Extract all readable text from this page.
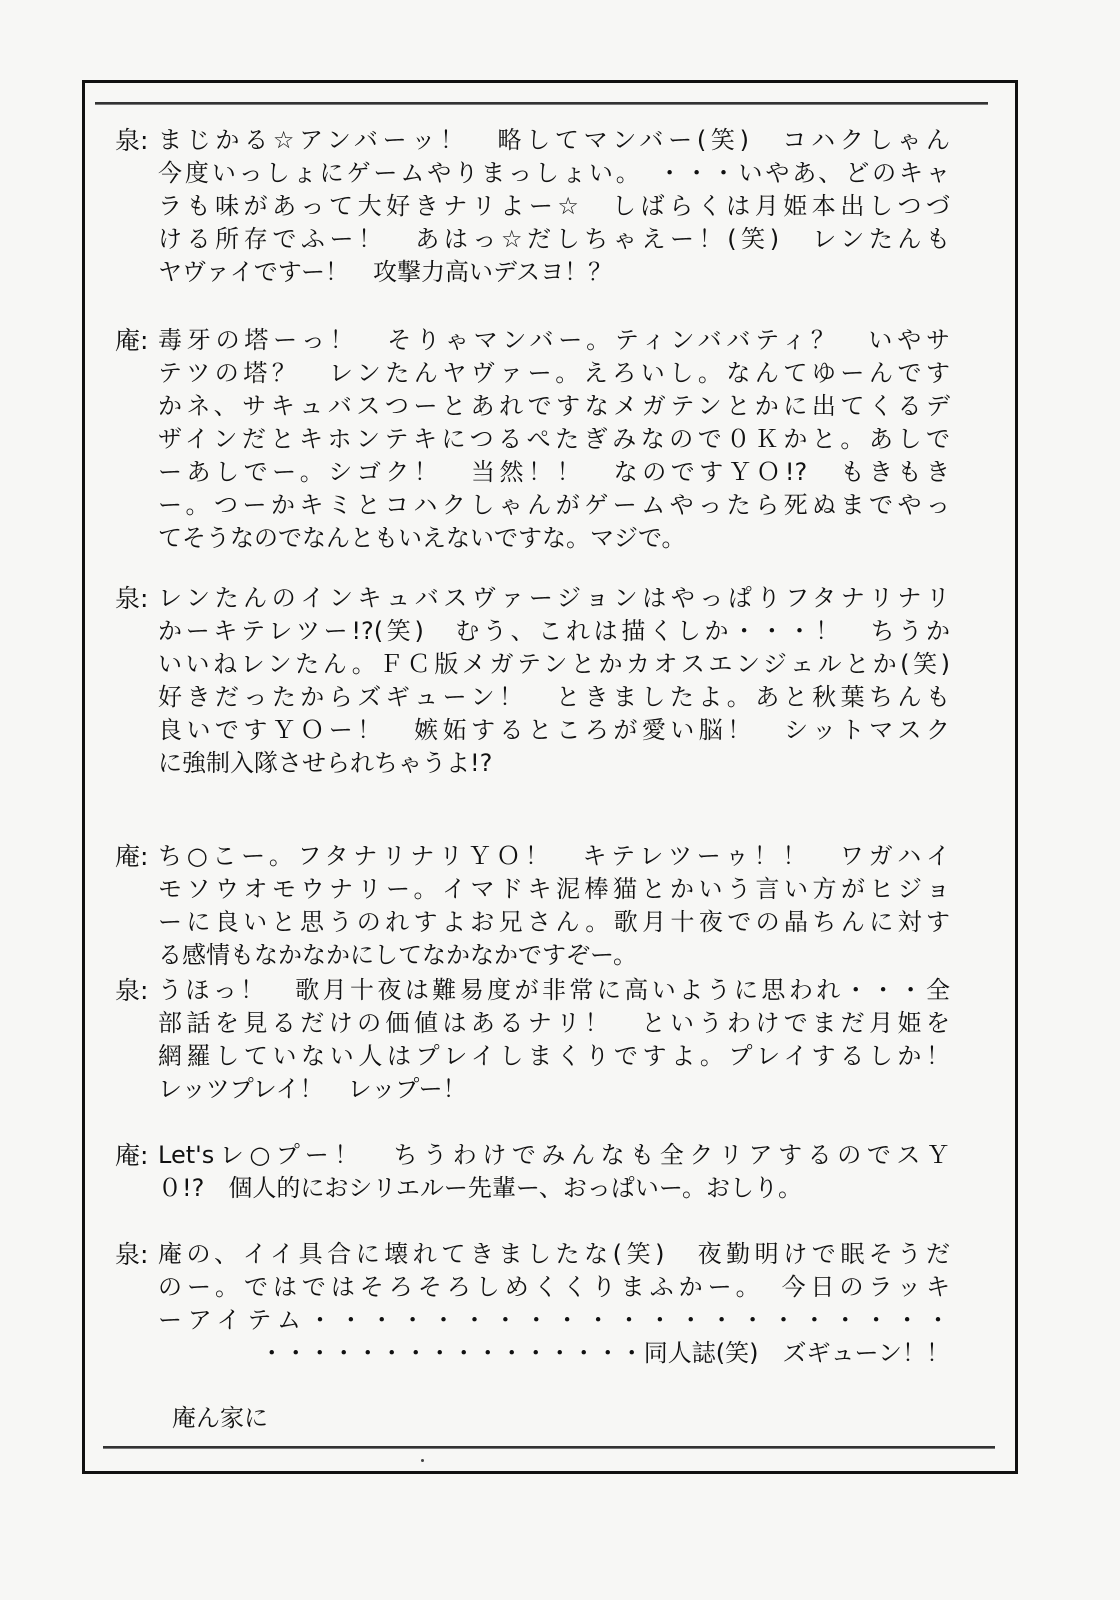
泉: まじかる☆アンバーッ！　略してマンバー(笑)　コハクしゃん
今度いっしょにゲームやりまっしょい。　・・・いやあ、どのキャ
ラも味があって大好きナリよー☆　しばらくは月姫本出しつづ
ける所存でふー！　あはっ☆だしちゃえー！(笑)　レンたんも
ヤヴァイですー！　攻撃力高いデスヨ！？
庵: 毒牙の塔ーっ！　そりゃマンバー。ティンババティ？　いやサ
テツの塔？　レンたんヤヴァー。えろいし。なんてゆーんです
かネ、サキュバスつーとあれですなメガテンとかに出てくるデ
ザインだとキホンテキにつるぺたぎみなので０Ｋかと。あしで
ーあしでー。シゴク！　当然！！　なのですＹＯ!?　もきもき
ー。つーかキミとコハクしゃんがゲームやったら死ぬまでやっ
てそうなのでなんともいえないですな。マジで。
泉: レンたんのインキュバスヴァージョンはやっぱりフタナリナリ
かーキテレツー!?(笑)　むう、これは描くしか・・・！　ちうか
いいねレンたん。ＦＣ版メガテンとかカオスエンジェルとか(笑)
好きだったからズギューン！　ときましたよ。あと秋葉ちんも
良いですＹＯー！　嫉妬するところが愛い脳！　シットマスク
に強制入隊させられちゃうよ!?
庵: ち○こー。フタナリナリＹＯ！　キテレツーゥ！！　ワガハイ
モソウオモウナリー。イマドキ泥棒猫とかいう言い方がヒジョ
ーに良いと思うのれすよお兄さん。歌月十夜での晶ちんに対す
る感情もなかなかにしてなかなかですぞー。
泉: うほっ！　歌月十夜は難易度が非常に高いように思われ・・・全
部話を見るだけの価値はあるナリ！　というわけでまだ月姫を
網羅していない人はプレイしまくりですよ。プレイするしか！
レッツプレイ！　レップー！
庵: Let'sレ○プー！　ちうわけでみんなも全クリアするのでスＹ
０!?　個人的におシリエルー先輩ー、おっぱいー。おしり。
泉: 庵の、イイ具合に壊れてきましたな(笑)　夜勤明けで眠そうだ
のー。ではではそろそろしめくくりまふかー。　今日のラッキ
ーアイテム・・・・・・・・・・・・・・・・・・・・・
・・・・・・・・・・・・・・・・同人誌(笑)　ズギューン！！
庵ん家に
